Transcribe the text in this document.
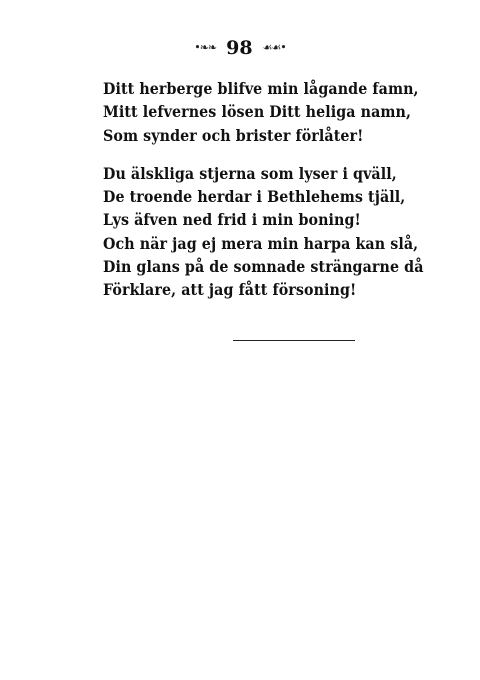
•❧❧ 98 ☙☙•
Ditt herberge blifve min lågande famn,
Mitt lefvernes lösen Ditt heliga namn,
Som synder och brister förlåter!
Du älskliga stjerna som lyser i qväll,
De troende herdar i Bethlehems tjäll,
Lys äfven ned frid i min boning!
Och när jag ej mera min harpa kan slå,
Din glans på de somnade strängarne då
Förklare, att jag fått försoning!
